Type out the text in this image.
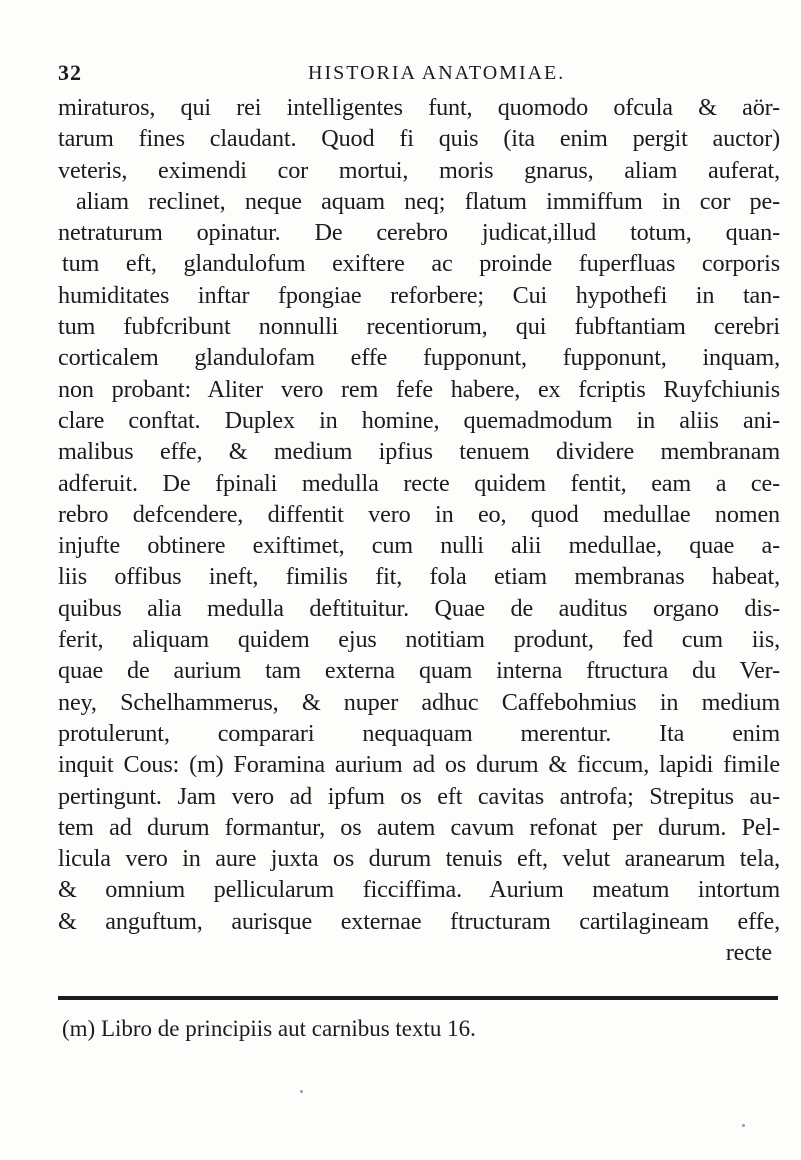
32	HISTORIA ANATOMIAE.
miraturos, qui rei intelligentes funt, quomodo ofcula & aör-
tarum fines claudant. Quod fi quis (ita enim pergit auctor)
veteris, eximendi cor mortui, moris gnarus, aliam auferat,
aliam reclinet, neque aquam neq; flatum immiffum in cor pe-
netraturum opinatur. De cerebro judicat,illud totum, quan-
tum eft, glandulofum exiftere ac proinde fuperfluas corporis
humiditates inftar fpongiae reforbere; Cui hypothefi in tan-
tum fubfcribunt nonnulli recentiorum, qui fubftantiam cerebri
corticalem glandulofam effe fupponunt, fupponunt, inquam,
non probant: Aliter vero rem fefe habere, ex fcriptis Ruyfchiunis
clare conftat. Duplex in homine, quemadmodum in aliis ani-
malibus effe, & medium ipfius tenuem dividere membranam
adferuit. De fpinali medulla recte quidem fentit, eam a ce-
rebro defcendere, diffentit vero in eo, quod medullae nomen
injufte obtinere exiftimet, cum nulli alii medullae, quae a-
liis offibus ineft, fimilis fit, fola etiam membranas habeat,
quibus alia medulla deftituitur. Quae de auditus organo dis-
ferit, aliquam quidem ejus notitiam produnt, fed cum iis,
quae de aurium tam externa quam interna ftructura du Ver-
ney, Schelhammerus, & nuper adhuc Caffebohmius in medium
protulerunt, comparari nequaquam merentur. Ita enim
inquit Cous: (m) Foramina aurium ad os durum & ficcum, lapidi fimile
pertingunt. Jam vero ad ipfum os eft cavitas antrofa; Strepitus au-
tem ad durum formantur, os autem cavum refonat per durum. Pel-
licula vero in aure juxta os durum tenuis eft, velut aranearum tela,
& omnium pellicularum ficciffima. Aurium meatum intortum
& anguftum, aurisque externae ftructuram cartilagineam effe,
recte
(m) Libro de principiis aut carnibus textu 16.
